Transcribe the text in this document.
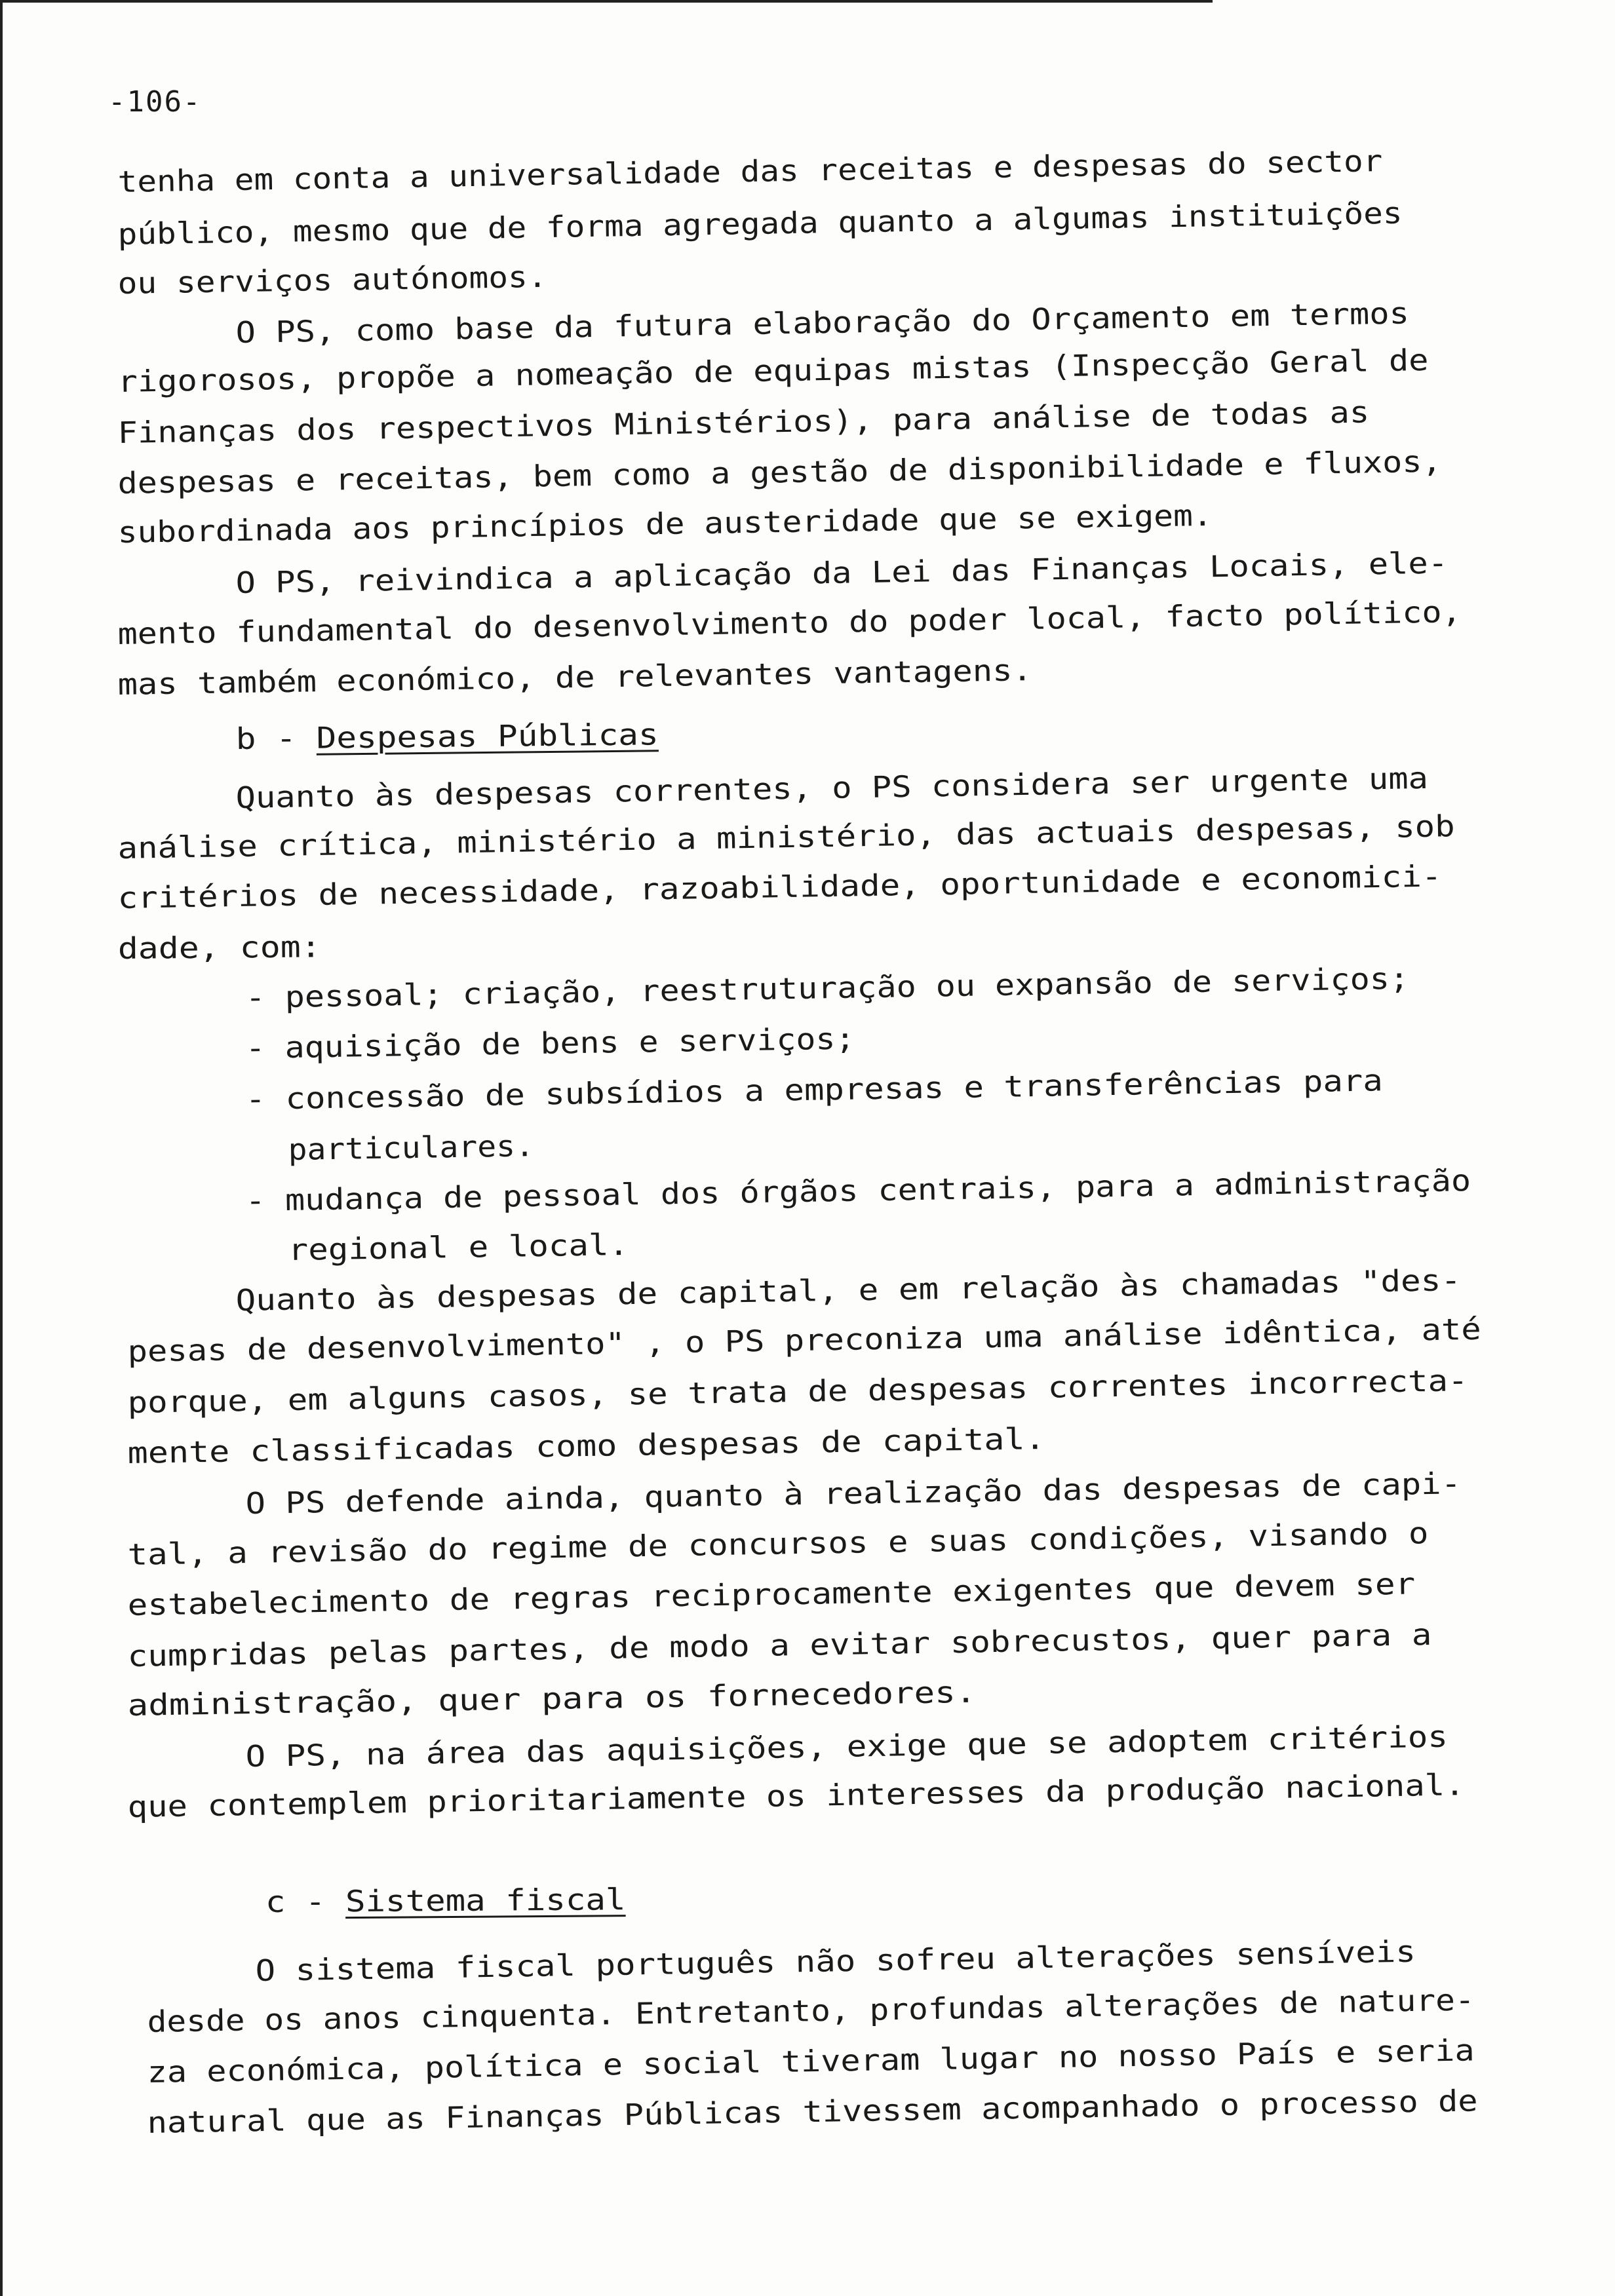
-106-
tenha em conta a universalidade das receitas e despesas do sector
público, mesmo que de forma agregada quanto a algumas instituições
ou serviços autónomos.
O PS, como base da futura elaboração do Orçamento em termos
rigorosos, propõe a nomeação de equipas mistas (Inspecção Geral de
Finanças dos respectivos Ministérios), para análise de todas as
despesas e receitas, bem como a gestão de disponibilidade e fluxos,
subordinada aos princípios de austeridade que se exigem.
O PS, reivindica a aplicação da Lei das Finanças Locais, ele-
mento fundamental do desenvolvimento do poder local, facto político,
mas também económico, de relevantes vantagens.
b - Despesas Públicas
Quanto às despesas correntes, o PS considera ser urgente uma
análise crítica, ministério a ministério, das actuais despesas, sob
critérios de necessidade, razoabilidade, oportunidade e economici-
dade, com:
- pessoal; criação, reestruturação ou expansão de serviços;
- aquisição de bens e serviços;
- concessão de subsídios a empresas e transferências para
particulares.
- mudança de pessoal dos órgãos centrais, para a administração
regional e local.
Quanto às despesas de capital, e em relação às chamadas "des-
pesas de desenvolvimento" , o PS preconiza uma análise idêntica, até
porque, em alguns casos, se trata de despesas correntes incorrecta-
mente classificadas como despesas de capital.
O PS defende ainda, quanto à realização das despesas de capi-
tal, a revisão do regime de concursos e suas condições, visando o
estabelecimento de regras reciprocamente exigentes que devem ser
cumpridas pelas partes, de modo a evitar sobrecustos, quer para a
administração, quer para os fornecedores.
O PS, na área das aquisições, exige que se adoptem critérios
que contemplem prioritariamente os interesses da produção nacional.
c - Sistema fiscal
O sistema fiscal português não sofreu alterações sensíveis
desde os anos cinquenta. Entretanto, profundas alterações de nature-
za económica, política e social tiveram lugar no nosso País e seria
natural que as Finanças Públicas tivessem acompanhado o processo de
